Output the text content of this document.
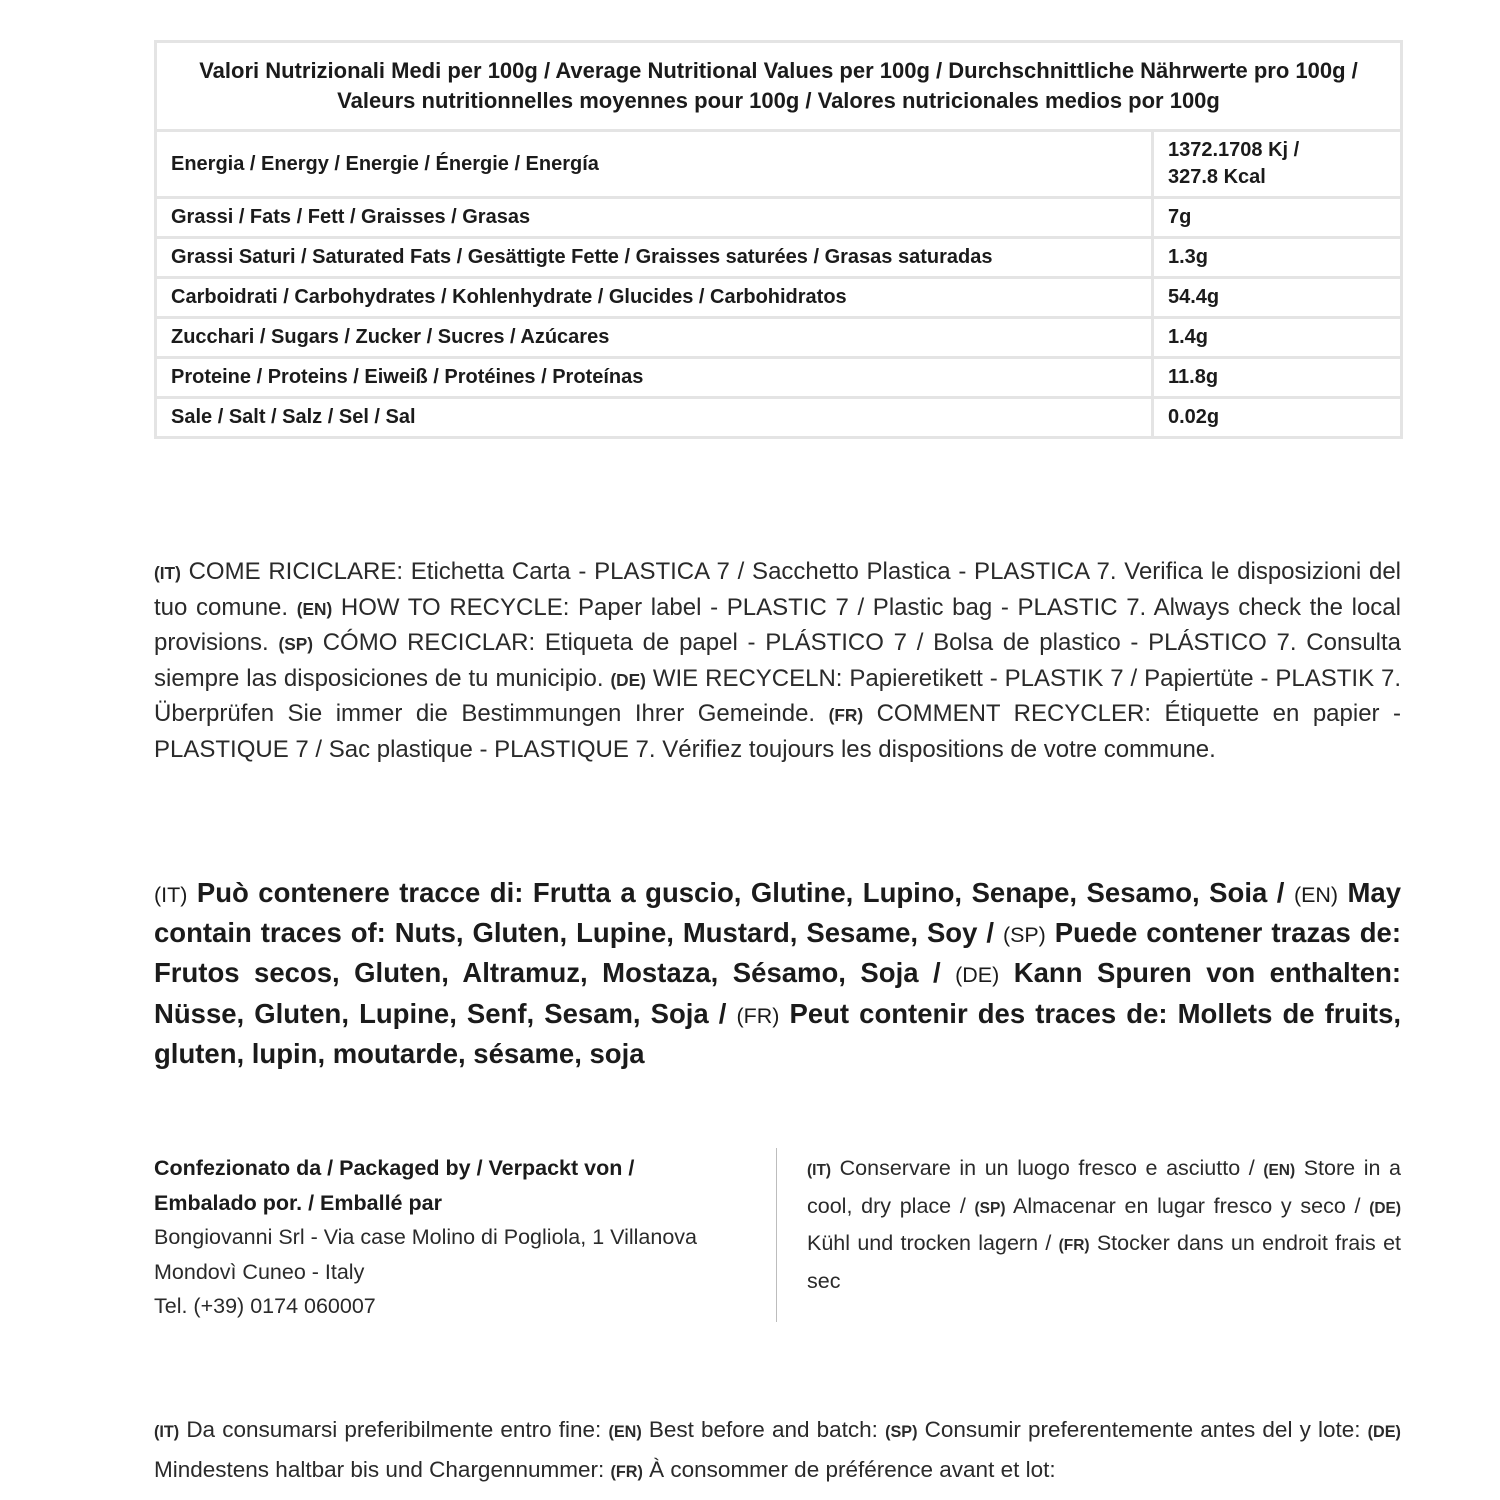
Valori Nutrizionali Medi per 100g / Average Nutritional Values per 100g / Durchschnittliche Nährwerte pro 100g / Valeurs nutritionnelles moyennes pour 100g / Valores nutricionales medios por 100g	
Energia / Energy / Energie / Énergie / Energía	1372.1708 Kj /
327.8 Kcal
Grassi / Fats / Fett / Graisses / Grasas	7g
Grassi Saturi / Saturated Fats / Gesättigte Fette / Graisses saturées / Grasas saturadas	1.3g
Carboidrati / Carbohydrates / Kohlenhydrate / Glucides / Carbohidratos	54.4g
Zucchari / Sugars / Zucker / Sucres / Azúcares	1.4g
Proteine / Proteins / Eiweiß / Protéines / Proteínas	11.8g
Sale / Salt / Salz / Sel / Sal	0.02g

(IT) COME RICICLARE: Etichetta Carta - PLASTICA 7 / Sacchetto Plastica - PLASTICA 7. Verifica le disposizioni del tuo comune. (EN) HOW TO RECYCLE: Paper label - PLASTIC 7 / Plastic bag - PLASTIC 7. Always check the local provisions. (SP) CÓMO RECICLAR: Etiqueta de papel - PLÁSTICO 7 / Bolsa de plastico - PLÁSTICO 7. Consulta siempre las disposiciones de tu municipio. (DE) WIE RECYCELN: Papieretikett - PLASTIK 7 / Papiertüte - PLASTIK 7. Überprüfen Sie immer die Bestimmungen Ihrer Gemeinde. (FR) COMMENT RECYCLER: Étiquette en papier - PLASTIQUE 7 / Sac plastique - PLASTIQUE 7. Vérifiez toujours les dispositions de votre commune.

(IT) Può contenere tracce di: Frutta a guscio, Glutine, Lupino, Senape, Sesamo, Soia / (EN) May contain traces of: Nuts, Gluten, Lupine, Mustard, Sesame, Soy / (SP) Puede contener trazas de: Frutos secos, Gluten, Altramuz, Mostaza, Sésamo, Soja / (DE) Kann Spuren von enthalten: Nüsse, Gluten, Lupine, Senf, Sesam, Soja / (FR) Peut contenir des traces de: Mollets de fruits, gluten, lupin, moutarde, sésame, soja

Confezionato da / Packaged by / Verpackt von /
Embalado por. / Emballé par
Bongiovanni Srl - Via case Molino di Pogliola, 1 Villanova
Mondovì Cuneo - Italy
Tel. (+39) 0174 060007

(IT) Conservare in un luogo fresco e asciutto / (EN) Store in a cool, dry place / (SP) Almacenar en lugar fresco y seco / (DE) Kühl und trocken lagern / (FR) Stocker dans un endroit frais et sec

(IT) Da consumarsi preferibilmente entro fine: (EN) Best before and batch: (SP) Consumir preferentemente antes del y lote: (DE) Mindestens haltbar bis und Chargennummer: (FR) À consommer de préférence avant et lot:
